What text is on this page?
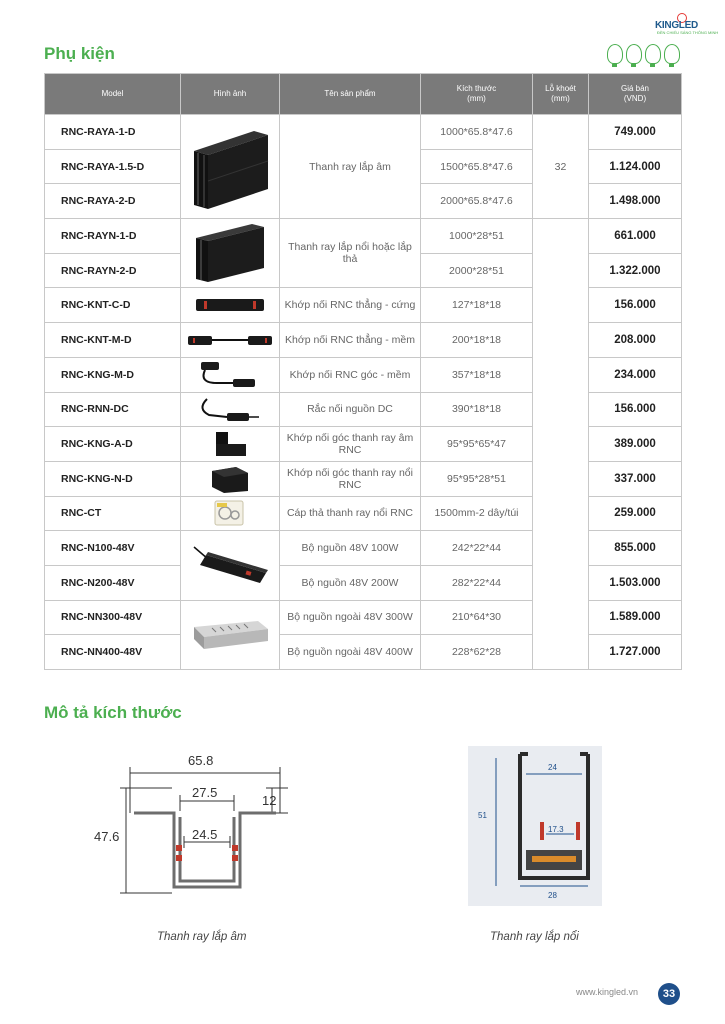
KINGLED
ĐÈN CHIẾU SÁNG THÔNG MINH
Phụ kiện
Model	Hình ảnh	Tên sản phẩm	Kích thước
(mm)	Lỗ khoét
(mm)	Giá bán
(VND)
RNC-RAYA-1-D		Thanh ray lắp âm	1000*65.8*47.6	32	749.000
RNC-RAYA-1.5-D			1500*65.8*47.6		1.124.000
RNC-RAYA-2-D			2000*65.8*47.6		1.498.000
RNC-RAYN-1-D		Thanh ray lắp nổi hoặc lắp thả	1000*28*51		661.000
RNC-RAYN-2-D			2000*28*51		1.322.000
RNC-KNT-C-D		Khớp nối RNC thẳng - cứng	127*18*18		156.000
RNC-KNT-M-D		Khớp nối RNC thẳng - mềm	200*18*18		208.000
RNC-KNG-M-D		Khớp nối RNC góc - mềm	357*18*18		234.000
RNC-RNN-DC		Rắc nối nguồn DC	390*18*18		156.000
RNC-KNG-A-D		Khớp nối góc thanh ray âm RNC	95*95*65*47		389.000
RNC-KNG-N-D		Khớp nối góc thanh ray nổi RNC	95*95*28*51		337.000
RNC-CT		Cáp thả thanh ray nổi RNC	1500mm-2 dây/túi		259.000
RNC-N100-48V		Bộ nguồn 48V 100W	242*22*44		855.000
RNC-N200-48V		Bộ nguồn 48V 200W	282*22*44		1.503.000
RNC-NN300-48V		Bộ nguồn ngoài 48V 300W	210*64*30		1.589.000
RNC-NN400-48V		Bộ nguồn ngoài 48V 400W	228*62*28		1.727.000
Mô tả kích thước
65.8
27.5
24.5
47.6
12
Thanh ray lắp âm
24
51
17.3
28
Thanh ray lắp nổi
www.kingled.vn	33
